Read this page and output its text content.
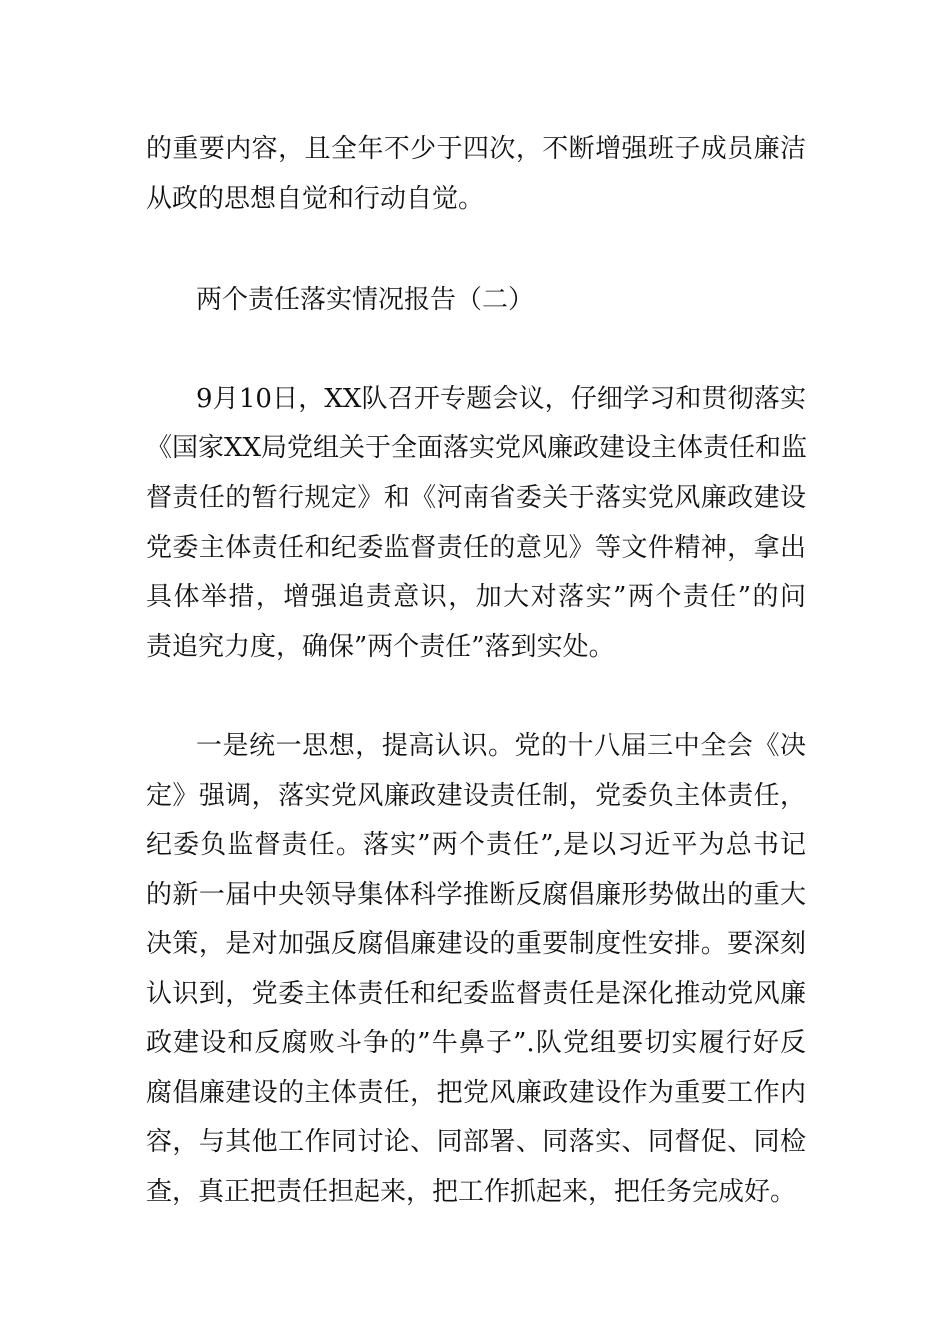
的重要内容，且全年不少于四次，不断增强班子成员廉洁
从政的思想自觉和行动自觉。
两个责任落实情况报告（二）
9月10日，XX队召开专题会议，仔细学习和贯彻落实
《国家XX局党组关于全面落实党风廉政建设主体责任和监
督责任的暂行规定》和《河南省委关于落实党风廉政建设
党委主体责任和纪委监督责任的意见》等文件精神，拿出
具体举措，增强追责意识，加大对落实”两个责任”的问
责追究力度，确保”两个责任”落到实处。
一是统一思想，提高认识。党的十八届三中全会《决
定》强调，落实党风廉政建设责任制，党委负主体责任，
纪委负监督责任。落实”两个责任”,是以习近平为总书记
的新一届中央领导集体科学推断反腐倡廉形势做出的重大
决策，是对加强反腐倡廉建设的重要制度性安排。要深刻
认识到，党委主体责任和纪委监督责任是深化推动党风廉
政建设和反腐败斗争的”牛鼻子”.队党组要切实履行好反
腐倡廉建设的主体责任，把党风廉政建设作为重要工作内
容，与其他工作同讨论、同部署、同落实、同督促、同检
查，真正把责任担起来，把工作抓起来，把任务完成好。
